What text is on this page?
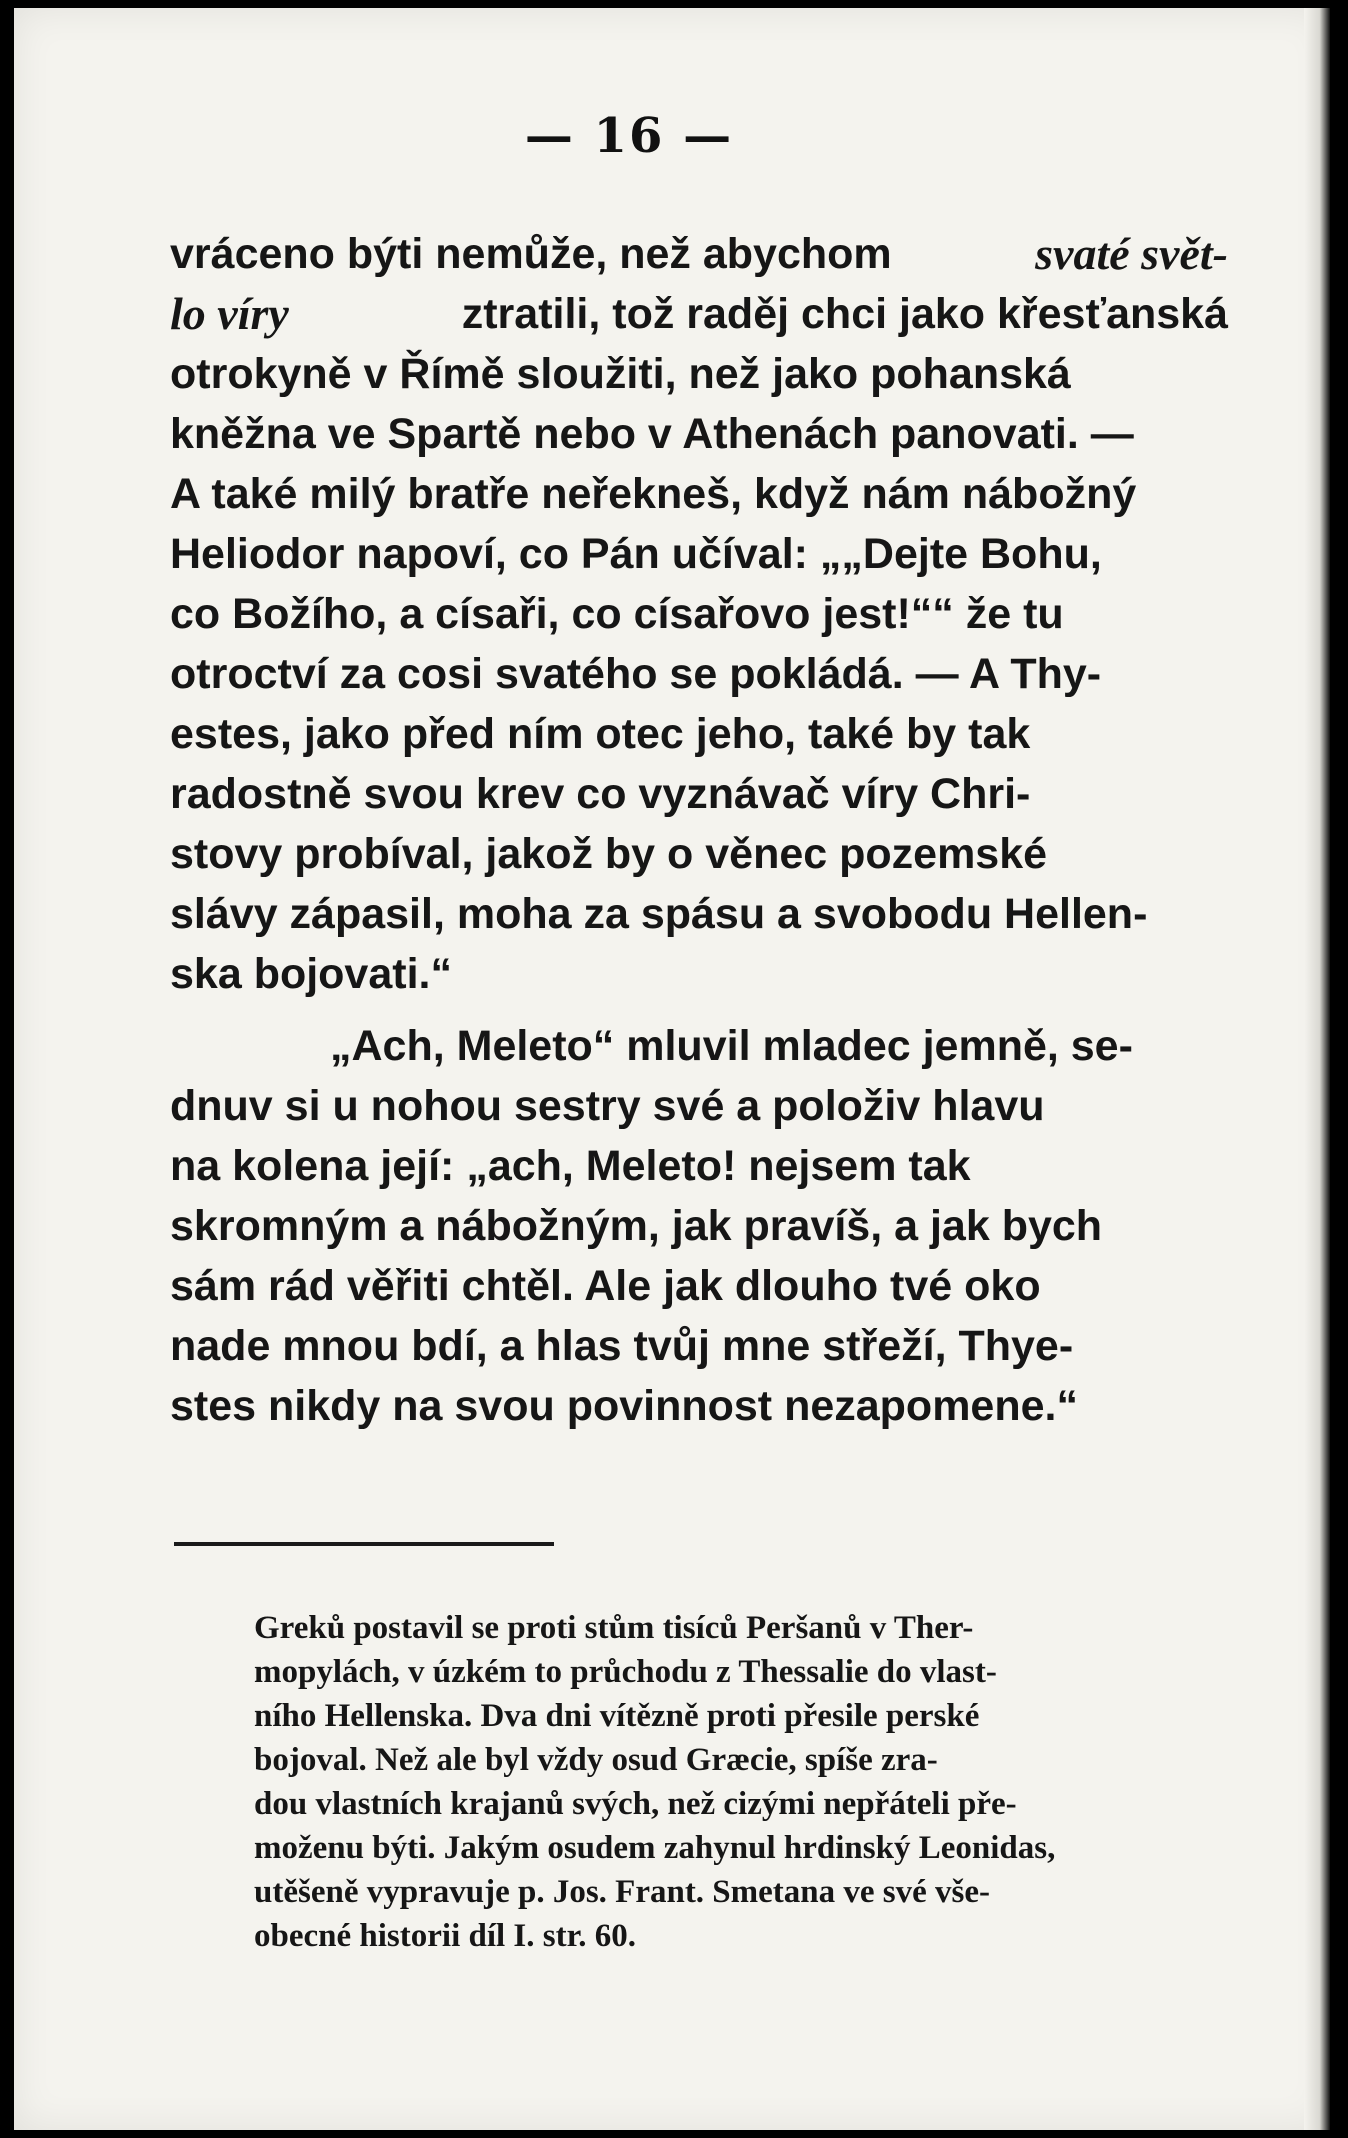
— 16 —
vráceno býti nemůže, než abychom	svaté svět-
lo víry	ztratili, tož raděj chci jako křesťanská
otrokyně v Římě sloužiti, než jako pohanská
kněžna ve Spartě nebo v Athenách panovati. —
A také milý bratře neřekneš, když nám nábožný
Heliodor napoví, co Pán učíval: „„Dejte Bohu,
co Božího, a císaři, co císařovo jest!““ že tu
otroctví za cosi svatého se pokládá. — A Thy-
estes, jako před ním otec jeho, také by tak
radostně svou krev co vyznávač víry Chri-
stovy probíval, jakož by o věnec pozemské
slávy zápasil, moha za spásu a svobodu Hellen-
ska bojovati.“
„Ach, Meleto“ mluvil mladec jemně, se-
dnuv si u nohou sestry své a položiv hlavu
na kolena její: „ach, Meleto! nejsem tak
skromným a nábožným, jak pravíš, a jak bych
sám rád věřiti chtěl. Ale jak dlouho tvé oko
nade mnou bdí, a hlas tvůj mne střeží, Thye-
stes nikdy na svou povinnost nezapomene.“
Greků postavil se proti stům tisíců Peršanů v Ther-
mopylách, v úzkém to průchodu z Thessalie do vlast-
ního Hellenska. Dva dni vítězně proti přesile perské
bojoval. Než ale byl vždy osud Græcie, spíše zra-
dou vlastních krajanů svých, než cizými nepřáteli pře-
moženu býti. Jakým osudem zahynul hrdinský Leonidas,
utěšeně vypravuje p. Jos. Frant. Smetana ve své vše-
obecné historii díl I. str. 60.
